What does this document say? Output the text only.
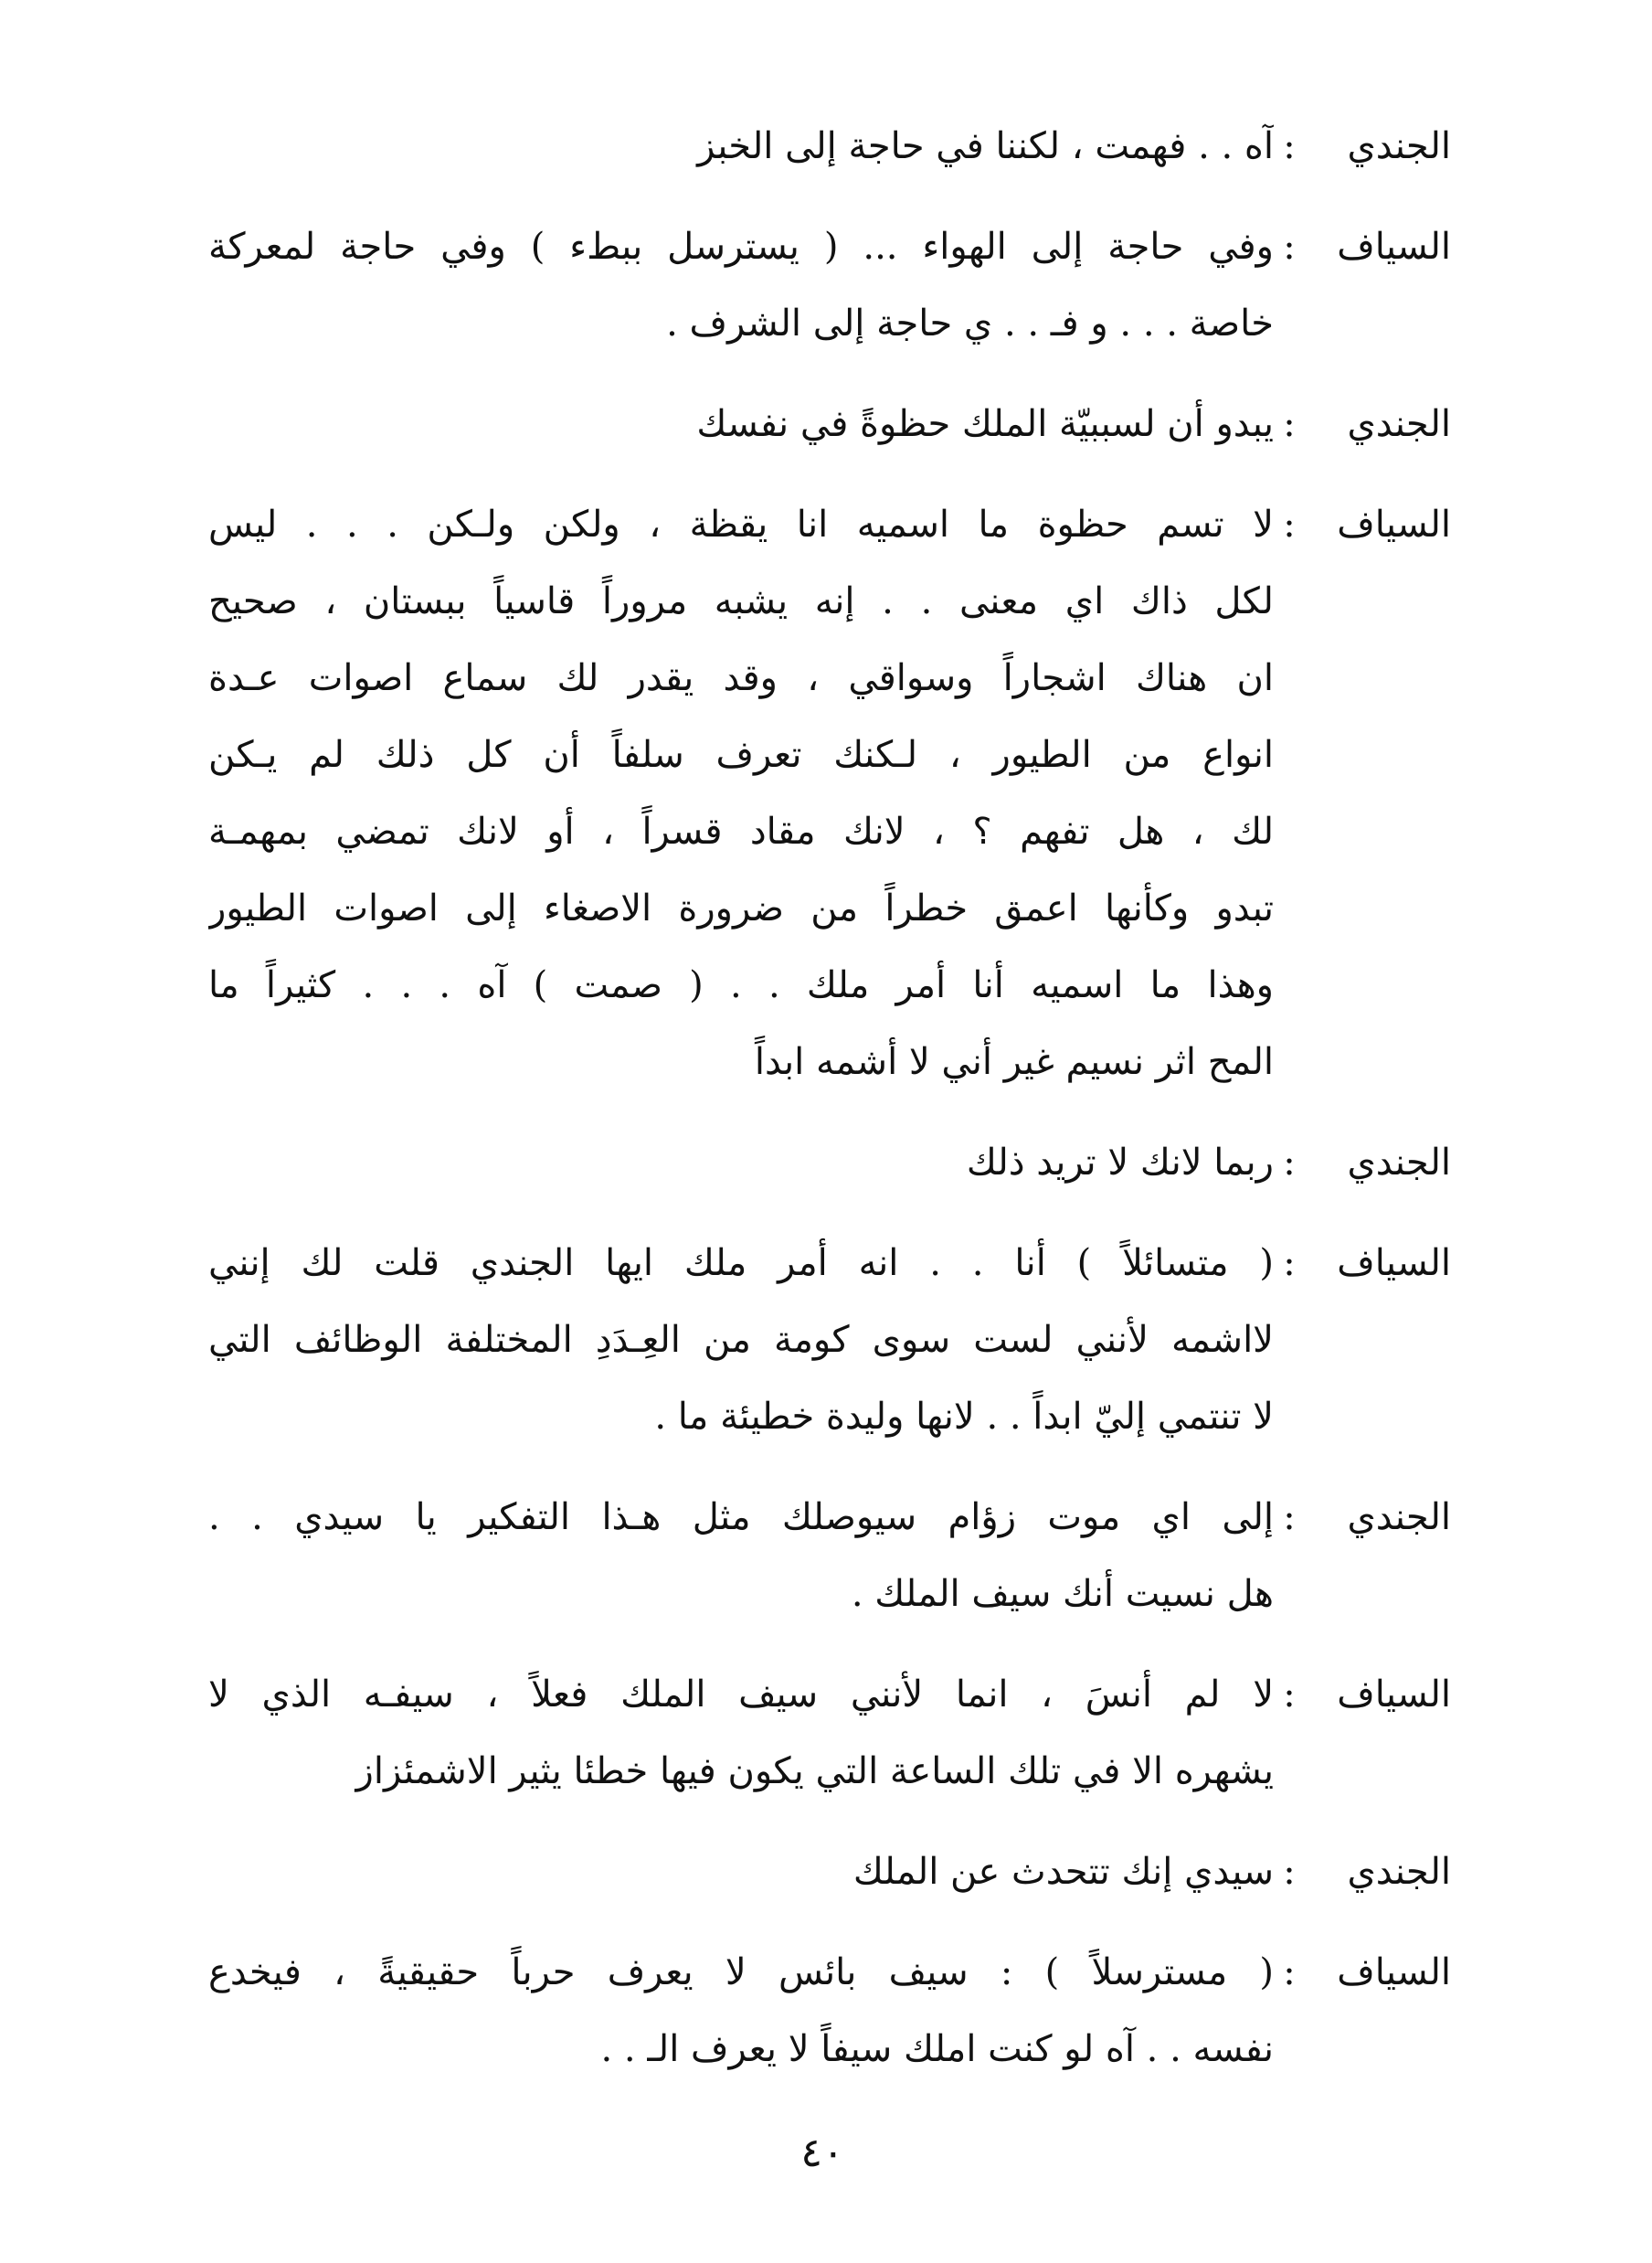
الجندي
:
آه . . فهمت ، لكننا في حاجة إلى الخبز
السياف
:
وفي حاجة إلى الهواء ... ( يسترسل ببطء ) وفي حاجة لمعركة
خاصة . . . و فـ . . ي حاجة إلى الشرف .
الجندي
:
يبدو أن لسببيّة الملك حظوةً في نفسك
السياف
:
لا تسم حظوة ما اسميه انا يقظة ، ولكن ولـكن . . . ليس
لكل ذاك اي معنى . . إنه يشبه مروراً قاسياً ببستان ، صحيح
ان هناك اشجاراً وسواقي ، وقد يقدر لك سماع اصوات عـدة
انواع من الطيور ، لـكنك تعرف سلفاً أن كل ذلك لم يـكن
لك ، هل تفهم ؟ ، لانك مقاد قسراً ، أو لانك تمضي بمهمـة
تبدو وكأنها اعمق خطراً من ضرورة الاصغاء إلى اصوات الطيور
وهذا ما اسميه أنا أمر ملك . . ( صمت ) آه . . . كثيراً ما
المح اثر نسيم غير أني لا أشمه ابداً
الجندي
:
ربما لانك لا تريد ذلك
السياف
:
( متسائلاً ) أنا . . انه أمر ملك ايها الجندي قلت لك إنني
لااشمه لأنني لست سوى كومة من العِـدَدِ المختلفة الوظائف التي
لا تنتمي إليّ ابداً . . لانها وليدة خطيئة ما .
الجندي
:
إلى اي موت زؤام سيوصلك مثل هـذا التفكير يا سيدي . .
هل نسيت أنك سيف الملك .
السياف
:
لا لم أنسَ ، انما لأنني سيف الملك فعلاً ، سيفـه الذي لا
يشهره الا في تلك الساعة التي يكون فيها خطئا يثير الاشمئزاز
الجندي
:
سيدي إنك تتحدث عن الملك
السياف
:
( مسترسلاً ) : سيف بائس لا يعرف حرباً حقيقيةً ، فيخدع
نفسه . . آه لو كنت املك سيفاً لا يعرف الـ . .
٤٠
